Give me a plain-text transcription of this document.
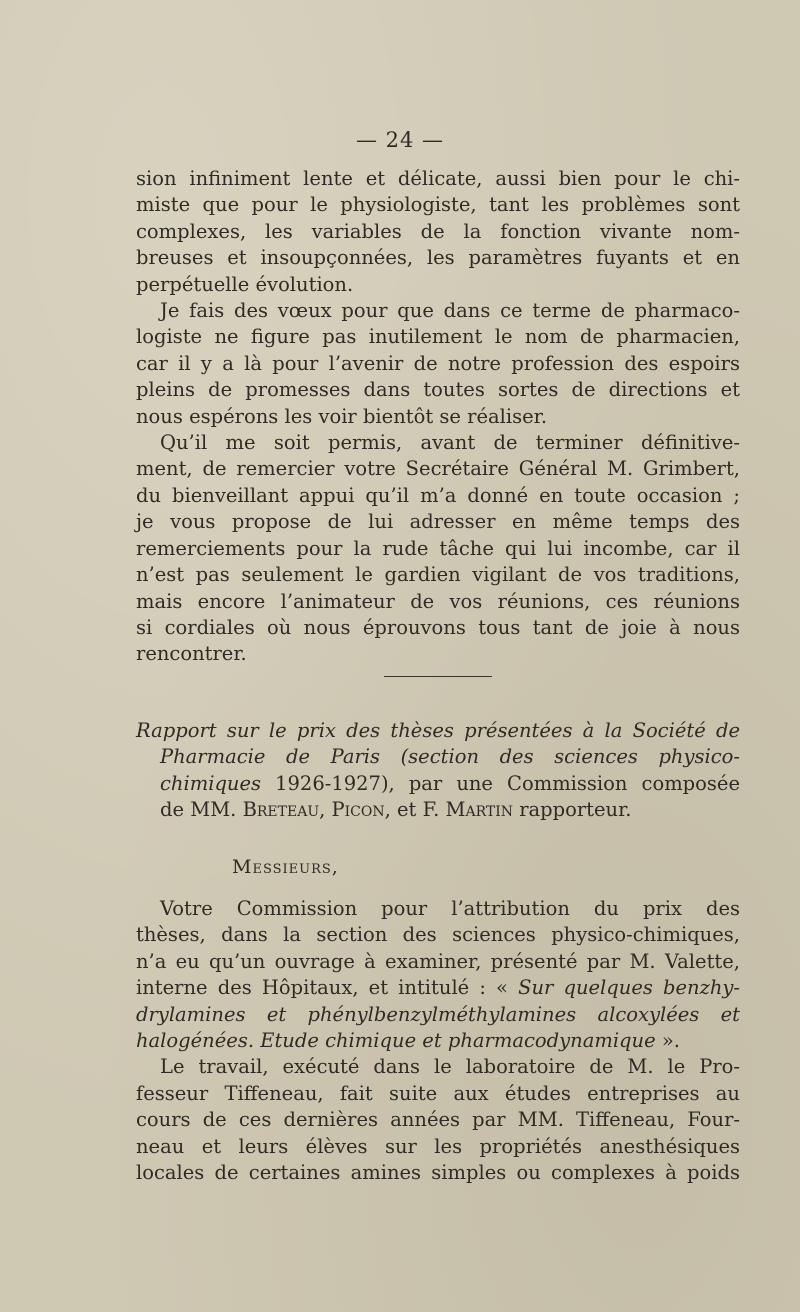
— 24 —
sion infiniment lente et délicate, aussi bien pour le chi-
miste que pour le physiologiste, tant les problèmes sont
complexes, les variables de la fonction vivante nom-
breuses et insoupçonnées, les paramètres fuyants et en
perpétuelle évolution.
Je fais des vœux pour que dans ce terme de pharmaco-
logiste ne figure pas inutilement le nom de pharmacien,
car il y a là pour l’avenir de notre profession des espoirs
pleins de promesses dans toutes sortes de directions et
nous espérons les voir bientôt se réaliser.
Qu’il me soit permis, avant de terminer définitive-
ment, de remercier votre Secrétaire Général M. Grimbert,
du bienveillant appui qu’il m’a donné en toute occasion ;
je vous propose de lui adresser en même temps des
remerciements pour la rude tâche qui lui incombe, car il
n’est pas seulement le gardien vigilant de vos traditions,
mais encore l’animateur de vos réunions, ces réunions
si cordiales où nous éprouvons tous tant de joie à nous
rencontrer.
Rapport sur le prix des thèses présentées à la Société de
Pharmacie de Paris (section des sciences physico-
chimiques 1926-1927), par une Commission composée
de MM. Breteau, Picon, et F. Martin rapporteur.
Messieurs,
Votre Commission pour l’attribution du prix des
thèses, dans la section des sciences physico-chimiques,
n’a eu qu’un ouvrage à examiner, présenté par M. Valette,
interne des Hôpitaux, et intitulé : « Sur quelques benzhy-
drylamines et phénylbenzylméthylamines alcoxylées et
halogénées. Etude chimique et pharmacodynamique ».
Le travail, exécuté dans le laboratoire de M. le Pro-
fesseur Tiffeneau, fait suite aux études entreprises au
cours de ces dernières années par MM. Tiffeneau, Four-
neau et leurs élèves sur les propriétés anesthésiques
locales de certaines amines simples ou complexes à poids
